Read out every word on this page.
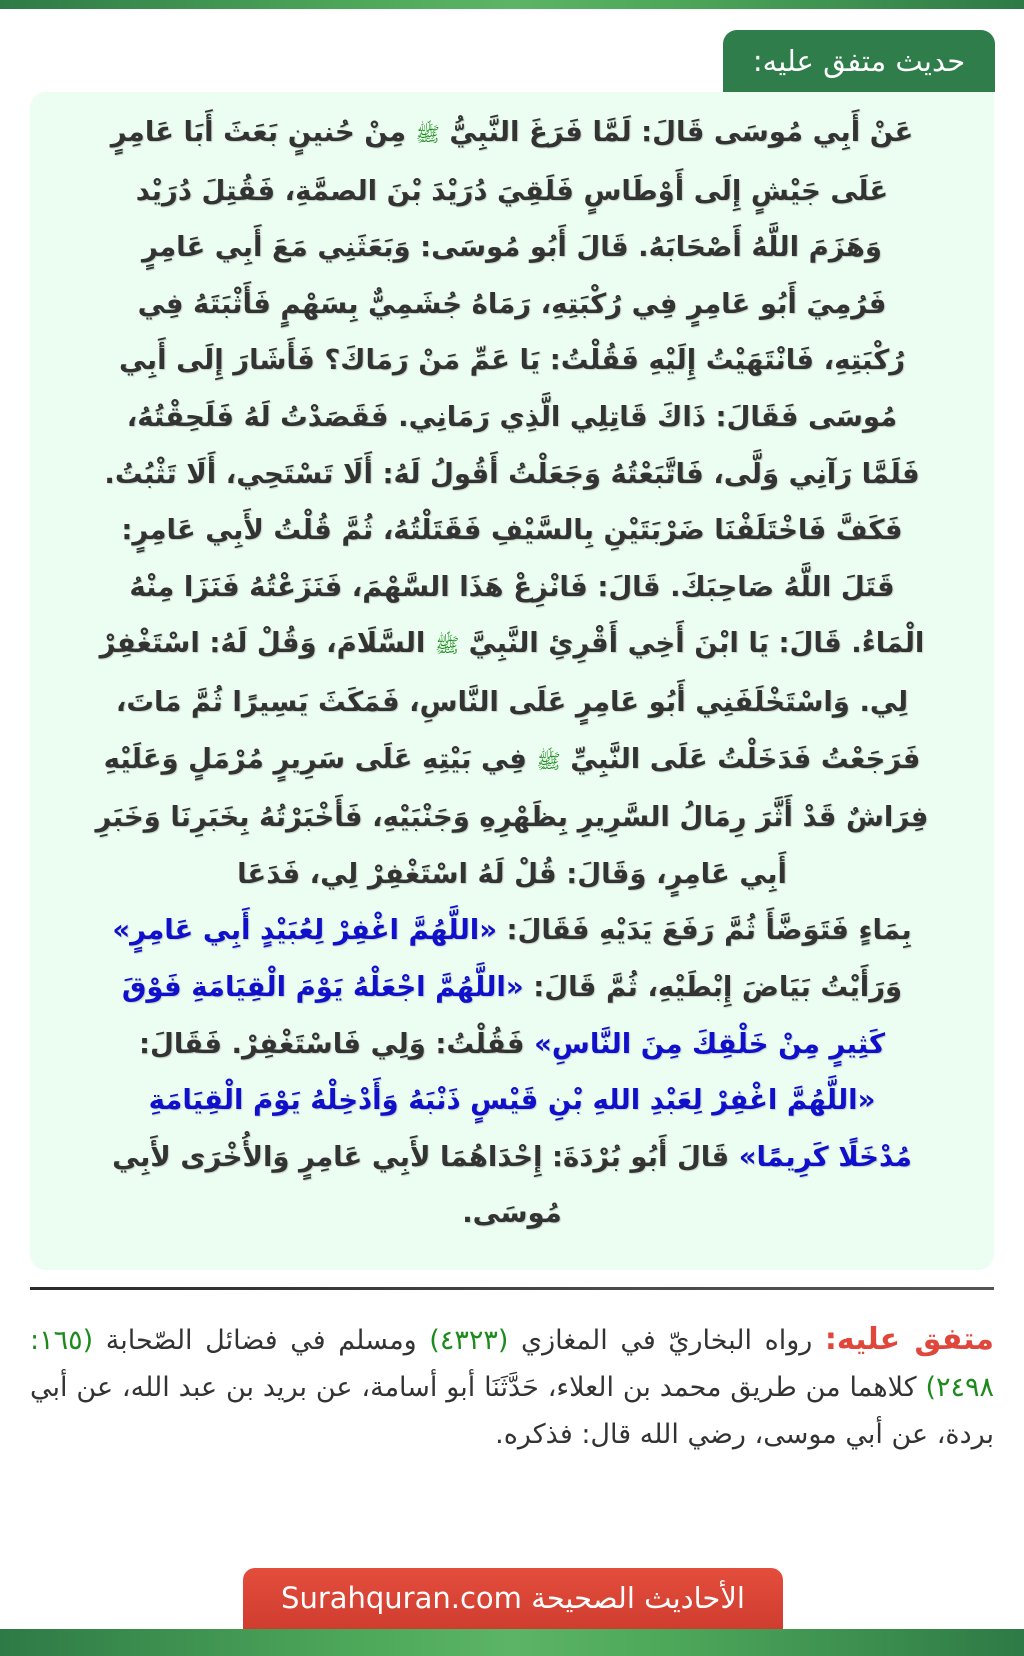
حديث متفق عليه:
عَنْ أَبِي مُوسَى قَالَ: لَمَّا فَرَغَ النَّبِيُّ ﷺ مِنْ حُنينٍ بَعَثَ أَبَا عَامِرٍ
عَلَى جَيْشٍ إِلَى أَوْطَاسٍ فَلَقِيَ دُرَيْدَ بْنَ الصمَّةِ، فَقُتِلَ دُرَيْد
وَهَزَمَ اللَّهُ أَصْحَابَهُ. قَالَ أَبُو مُوسَى: وَبَعَثَنِي مَعَ أَبِي عَامِرٍ
فَرُمِيَ أَبُو عَامِرٍ فِي رُكْبَتِهِ، رَمَاهُ جُشَمِيٌّ بِسَهْمٍ فَأَثْبَتَهُ فِي
رُكْبَتِهِ، فَانْتَهَيْتُ إِلَيْهِ فَقُلْتُ: يَا عَمِّ مَنْ رَمَاكَ؟ فَأَشَارَ إِلَى أَبِي
مُوسَى فَقَالَ: ذَاكَ قَاتِلِي الَّذِي رَمَانِي. فَقَصَدْتُ لَهُ فَلَحِقْتُهُ،
فَلَمَّا رَآنِي وَلَّى، فَاتَّبَعْتُهُ وَجَعَلْتُ أَقُولُ لَهُ: أَلَا تَسْتَحِي، أَلَا تَثْبُتُ.
فَكَفَّ فَاخْتَلَفْنَا ضَرْبَتَيْنِ بِالسَّيْفِ فَقَتَلْتُهُ، ثُمَّ قُلْتُ لأَبِي عَامِرٍ:
قَتَلَ اللَّهُ صَاحِبَكَ. قَالَ: فَانْزِعْ هَذَا السَّهْمَ، فَنَزَعْتُهُ فَنَزَا مِنْهُ
الْمَاءُ. قَالَ: يَا ابْنَ أَخِي أَقْرِئِ النَّبِيَّ ﷺ السَّلَامَ، وَقُلْ لَهُ: اسْتَغْفِرْ
لِي. وَاسْتَخْلَفَنِي أَبُو عَامِرٍ عَلَى النَّاسِ، فَمَكَثَ يَسِيرًا ثُمَّ مَاتَ،
فَرَجَعْتُ فَدَخَلْتُ عَلَى النَّبِيِّ ﷺ فِي بَيْتِهِ عَلَى سَرِيرٍ مُرْمَلٍ وَعَلَيْهِ
فِرَاشٌ قَدْ أَثَّرَ رِمَالُ السَّرِيرِ بِظَهْرِهِ وَجَنْبَيْهِ، فَأَخْبَرْتُهُ بِخَبَرِنَا وَخَبَرِ
أَبِي عَامِرٍ، وَقَالَ: قُلْ لَهُ اسْتَغْفِرْ لِي، فَدَعَا
بِمَاءٍ فَتَوَضَّأَ ثُمَّ رَفَعَ يَدَيْهِ فَقَالَ: «اللَّهُمَّ اغْفِرْ لِعُبَيْدٍ أَبِي عَامِرٍ»
وَرَأَيْتُ بَيَاضَ إِبْطَيْهِ، ثُمَّ قَالَ: «اللَّهُمَّ اجْعَلْهُ يَوْمَ الْقِيَامَةِ فَوْقَ
كَثِيرٍ مِنْ خَلْقِكَ مِنَ النَّاسِ» فَقُلْتُ: وَلِي فَاسْتَغْفِرْ. فَقَالَ:
«اللَّهُمَّ اغْفِرْ لِعَبْدِ اللهِ بْنِ قَيْسٍ ذَنْبَهُ وَأَدْخِلْهُ يَوْمَ الْقِيَامَةِ
مُدْخَلًا كَرِيمًا» قَالَ أَبُو بُرْدَةَ: إِحْدَاهُمَا لأَبِي عَامِرٍ وَالأُخْرَى لأَبِي
مُوسَى.
متفق عليه: رواه البخاريّ في المغازي (٤٣٢٣) ومسلم في فضائل الصّحابة (١٦٥: ٢٤٩٨) كلاهما من طريق محمد بن العلاء، حَدَّثَنَا أبو أسامة، عن بريد بن عبد الله، عن أبي بردة، عن أبي موسى، رضي الله قال: فذكره.
الأحاديث الصحيحة Surahquran.com
